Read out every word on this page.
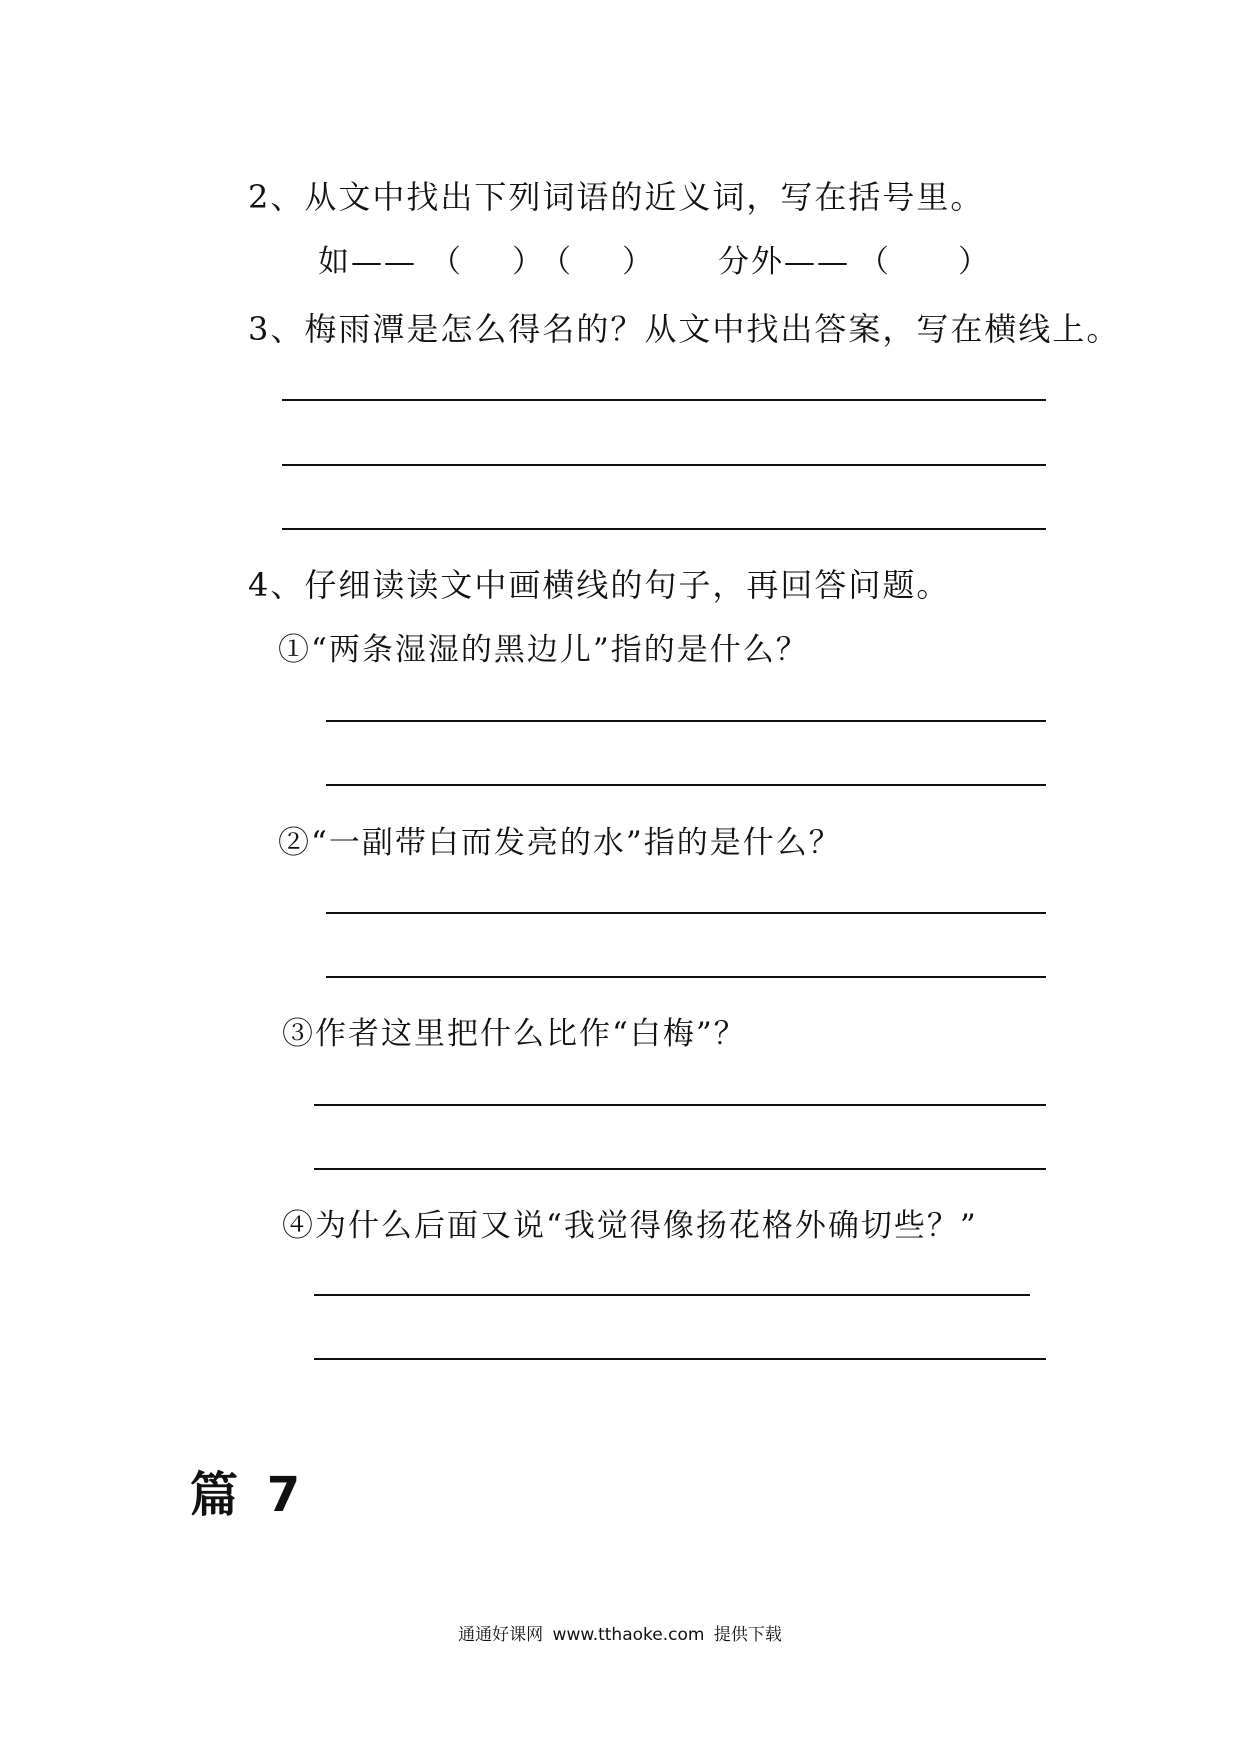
2、从文中找出下列词语的近义词，写在括号里。
如—— （ ）
（ ） 分外—— （ ）
3、梅雨潭是怎么得名的？从文中找出答案，写在横线上。
4、仔细读读文中画横线的句子，再回答问题。
①“两条湿湿的黑边儿”指的是什么？
②“一副带白而发亮的水”指的是什么？
③作者这里把什么比作“白梅”？
④为什么后面又说“我觉得像扬花格外确切些？”
篇 7
通通好课网 www.tthaoke.com 提供下载
